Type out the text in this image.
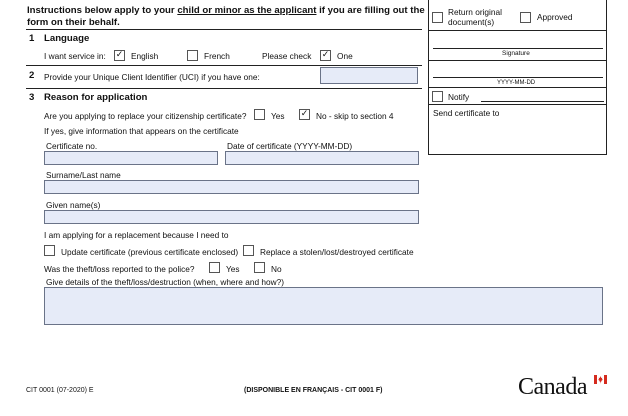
Instructions below apply to your child or minor as the applicant if you are filling out the
form on their behalf.
1 Language
I want service in: ✓ English	French	Please check ✓ One
2 Provide your Unique Client Identifier (UCI) if you have one:
3 Reason for application
Are you applying to replace your citizenship certificate?	Yes ✓ No - skip to section 4
If yes, give information that appears on the certificate
Certificate no.	Date of certificate (YYYY-MM-DD)
Surname/Last name
Given name(s)
I am applying for a replacement because I need to
Update certificate (previous certificate enclosed)	Replace a stolen/lost/destroyed certificate
Was the theft/loss reported to the police?	Yes	No
Give details of the theft/loss/destruction (when, where and how?)
Return original
document(s)	Approved
Signature
YYYY-MM-DD
Notify
Send certificate to
CIT 0001 (07-2020) E	(DISPONIBLE EN FRANÇAIS - CIT 0001 F)	Canada
